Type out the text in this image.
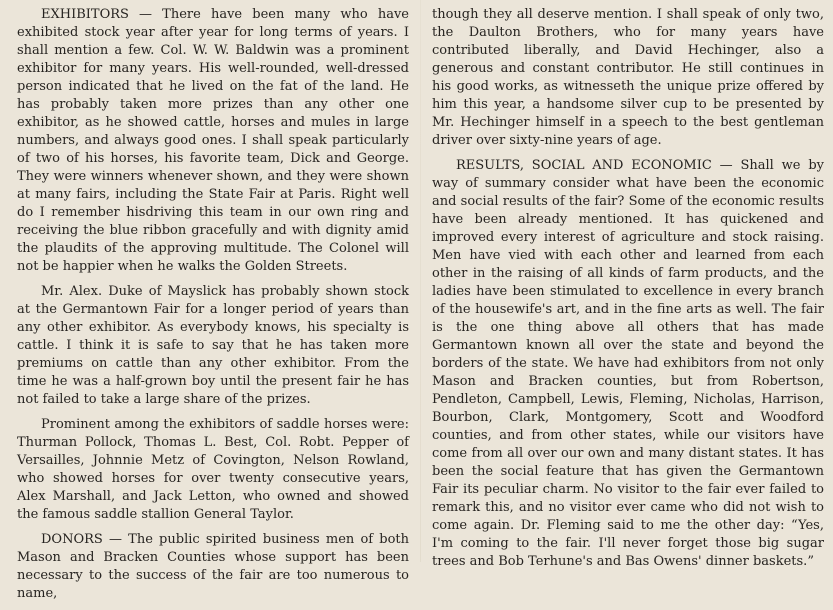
EXHIBITORS — There have been many who have exhibited stock year after year for long terms of years. I shall mention a few. Col. W. W. Baldwin was a prominent exhibitor for many years. His well-rounded, well-dressed person indicated that he lived on the fat of the land. He has probably taken more prizes than any other one exhibitor, as he showed cattle, horses and mules in large numbers, and always good ones. I shall speak particularly of two of his horses, his favorite team, Dick and George. They were winners whenever shown, and they were shown at many fairs, including the State Fair at Paris. Right well do I remember hisdriving this team in our own ring and receiving the blue ribbon gracefully and with dignity amid the plaudits of the approving multitude. The Colonel will not be happier when he walks the Golden Streets.

Mr. Alex. Duke of Mayslick has probably shown stock at the Germantown Fair for a longer period of years than any other exhibitor. As everybody knows, his specialty is cattle. I think it is safe to say that he has taken more premiums on cattle than any other exhibitor. From the time he was a half-grown boy until the present fair he has not failed to take a large share of the prizes.

Prominent among the exhibitors of saddle horses were: Thurman Pollock, Thomas L. Best, Col. Robt. Pepper of Versailles, Johnnie Metz of Covington, Nelson Rowland, who showed horses for over twenty consecutive years, Alex Marshall, and Jack Letton, who owned and showed the famous saddle stallion General Taylor.

DONORS — The public spirited business men of both Mason and Bracken Counties whose support has been necessary to the success of the fair are too numerous to name,

though they all deserve mention. I shall speak of only two, the Daulton Brothers, who for many years have contributed liberally, and David Hechinger, also a generous and constant contributor. He still continues in his good works, as witnesseth the unique prize offered by him this year, a handsome silver cup to be presented by Mr. Hechinger himself in a speech to the best gentleman driver over sixty-nine years of age.

RESULTS, SOCIAL AND ECONOMIC — Shall we by way of summary consider what have been the economic and social results of the fair? Some of the economic results have been already mentioned. It has quickened and improved every interest of agriculture and stock raising. Men have vied with each other and learned from each other in the raising of all kinds of farm products, and the ladies have been stimulated to excellence in every branch of the housewife's art, and in the fine arts as well. The fair is the one thing above all others that has made Germantown known all over the state and beyond the borders of the state. We have had exhibitors from not only Mason and Bracken counties, but from Robertson, Pendleton, Campbell, Lewis, Fleming, Nicholas, Harrison, Bourbon, Clark, Montgomery, Scott and Woodford counties, and from other states, while our visitors have come from all over our own and many distant states. It has been the social feature that has given the Germantown Fair its peculiar charm. No visitor to the fair ever failed to remark this, and no visitor ever came who did not wish to come again. Dr. Fleming said to me the other day: “Yes, I'm coming to the fair. I'll never forget those big sugar trees and Bob Terhune's and Bas Owens' dinner baskets.”
